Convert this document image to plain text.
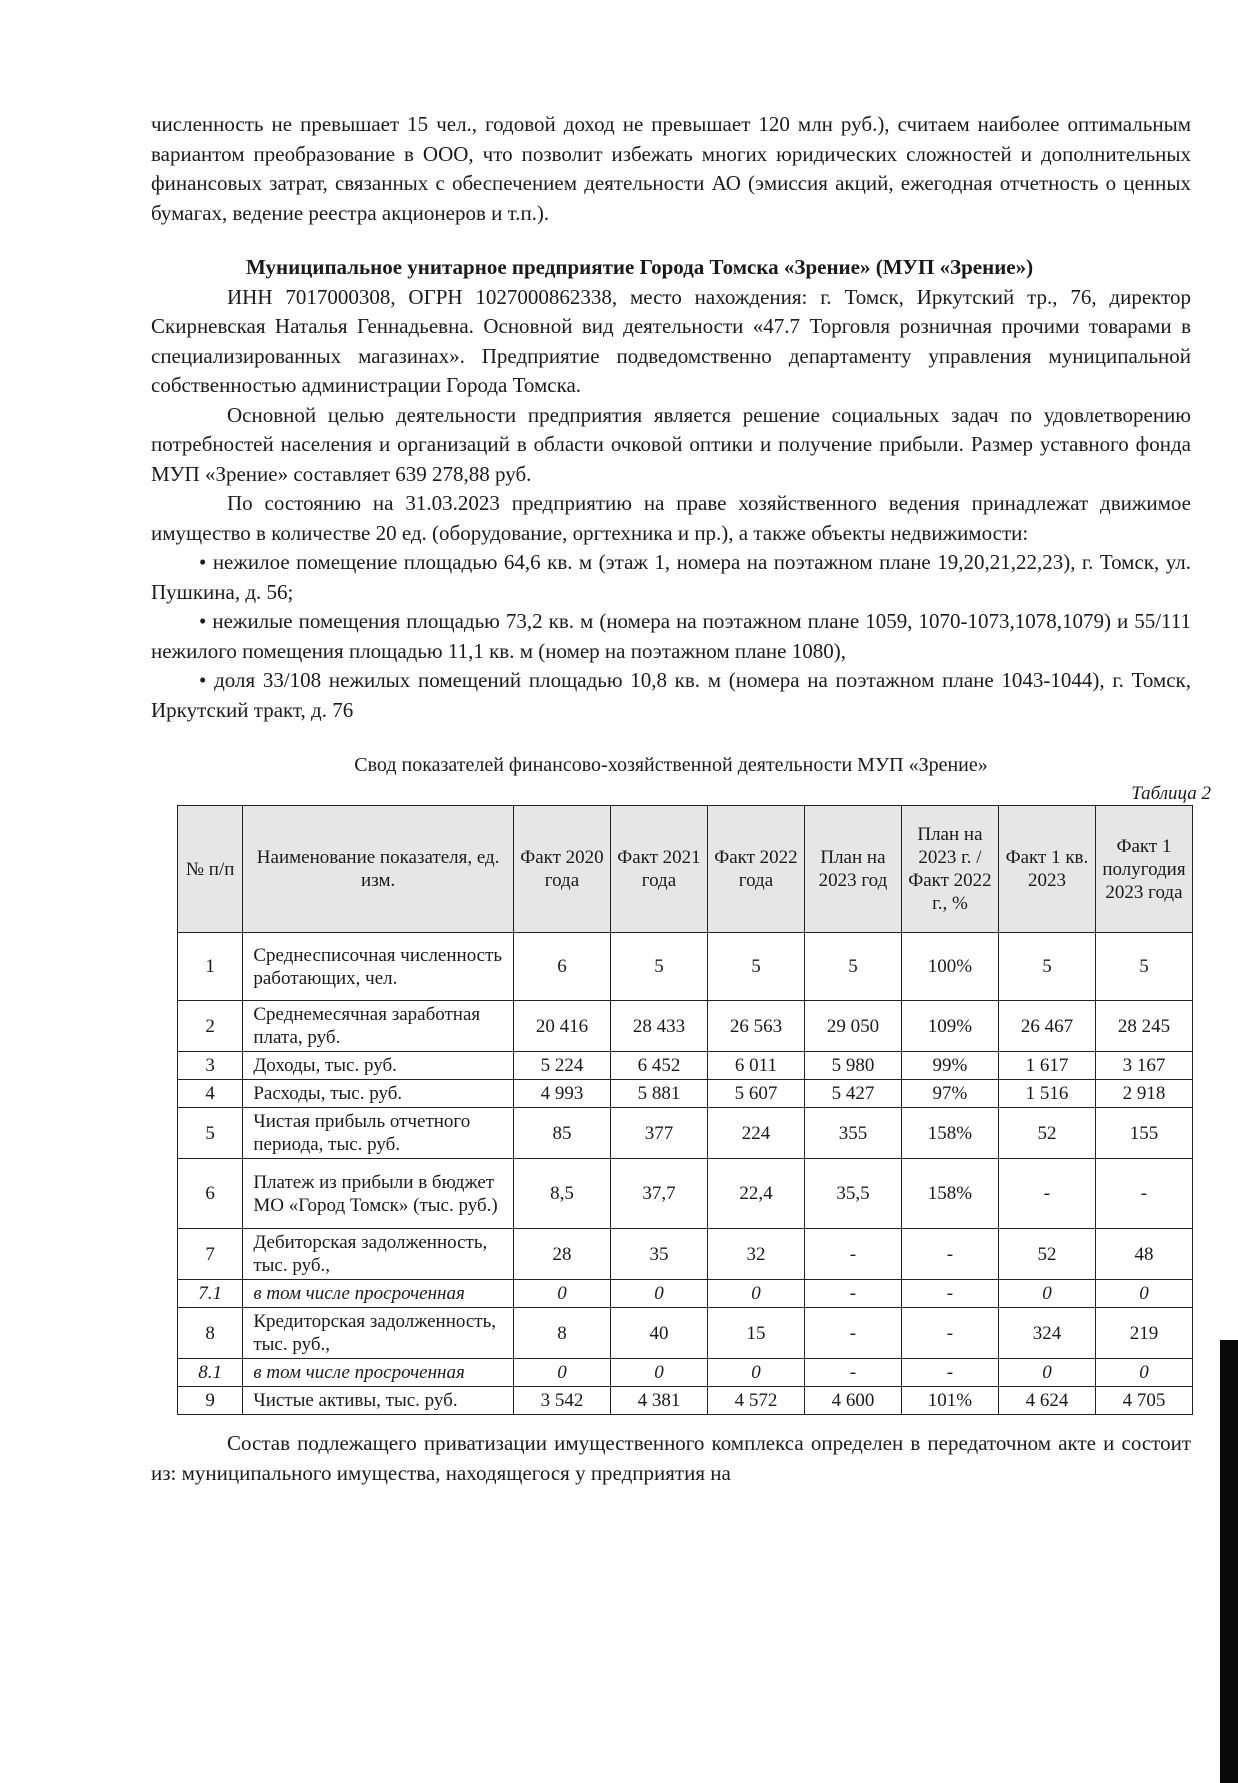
численность не превышает 15 чел., годовой доход не превышает 120 млн руб.), считаем наиболее оптимальным вариантом преобразование в ООО, что позволит избежать многих юридических сложностей и дополнительных финансовых затрат, связанных с обеспечением деятельности АО (эмиссия акций, ежегодная отчетность о ценных бумагах, ведение реестра акционеров и т.п.).

Муниципальное унитарное предприятие Города Томска «Зрение» (МУП «Зрение»)

ИНН 7017000308, ОГРН 1027000862338, место нахождения: г. Томск, Иркутский тр., 76, директор Скирневская Наталья Геннадьевна. Основной вид деятельности «47.7 Торговля розничная прочими товарами в специализированных магазинах». Предприятие подведомственно департаменту управления муниципальной собственностью администрации Города Томска.

Основной целью деятельности предприятия является решение социальных задач по удовлетворению потребностей населения и организаций в области очковой оптики и получение прибыли. Размер уставного фонда МУП «Зрение» составляет 639 278,88 руб.

По состоянию на 31.03.2023 предприятию на праве хозяйственного ведения принадлежат движимое имущество в количестве 20 ед. (оборудование, оргтехника и пр.), а также объекты недвижимости:

• нежилое помещение площадью 64,6 кв. м (этаж 1, номера на поэтажном плане 19,20,21,22,23), г. Томск, ул. Пушкина, д. 56;

• нежилые помещения площадью 73,2 кв. м (номера на поэтажном плане 1059, 1070-1073,1078,1079) и 55/111 нежилого помещения площадью 11,1 кв. м (номер на поэтажном плане 1080),

• доля 33/108 нежилых помещений площадью 10,8 кв. м (номера на поэтажном плане 1043-1044), г. Томск, Иркутский тракт, д. 76

Свод показателей финансово-хозяйственной деятельности МУП «Зрение»
Таблица 2
№ п/п	Наименование показателя, ед. изм.	Факт 2020 года	Факт 2021 года	Факт 2022 года	План на 2023 год	План на 2023 г. / Факт 2022 г., %	Факт 1 кв. 2023	Факт 1 полугодия 2023 года
1	Среднесписочная численность работающих, чел.	6	5	5	5	100%	5	5
2	Среднемесячная заработная плата, руб.	20 416	28 433	26 563	29 050	109%	26 467	28 245
3	Доходы, тыс. руб.	5 224	6 452	6 011	5 980	99%	1 617	3 167
4	Расходы, тыс. руб.	4 993	5 881	5 607	5 427	97%	1 516	2 918
5	Чистая прибыль отчетного периода, тыс. руб.	85	377	224	355	158%	52	155
6	Платеж из прибыли в бюджет МО «Город Томск» (тыс. руб.)	8,5	37,7	22,4	35,5	158%	-	-
7	Дебиторская задолженность, тыс. руб.,	28	35	32	-	-	52	48
7.1	в том числе просроченная	0	0	0	-	-	0	0
8	Кредиторская задолженность, тыс. руб.,	8	40	15	-	-	324	219
8.1	в том числе просроченная	0	0	0	-	-	0	0
9	Чистые активы, тыс. руб.	3 542	4 381	4 572	4 600	101%	4 624	4 705

Состав подлежащего приватизации имущественного комплекса определен в передаточном акте и состоит из: муниципального имущества, находящегося у предприятия на
